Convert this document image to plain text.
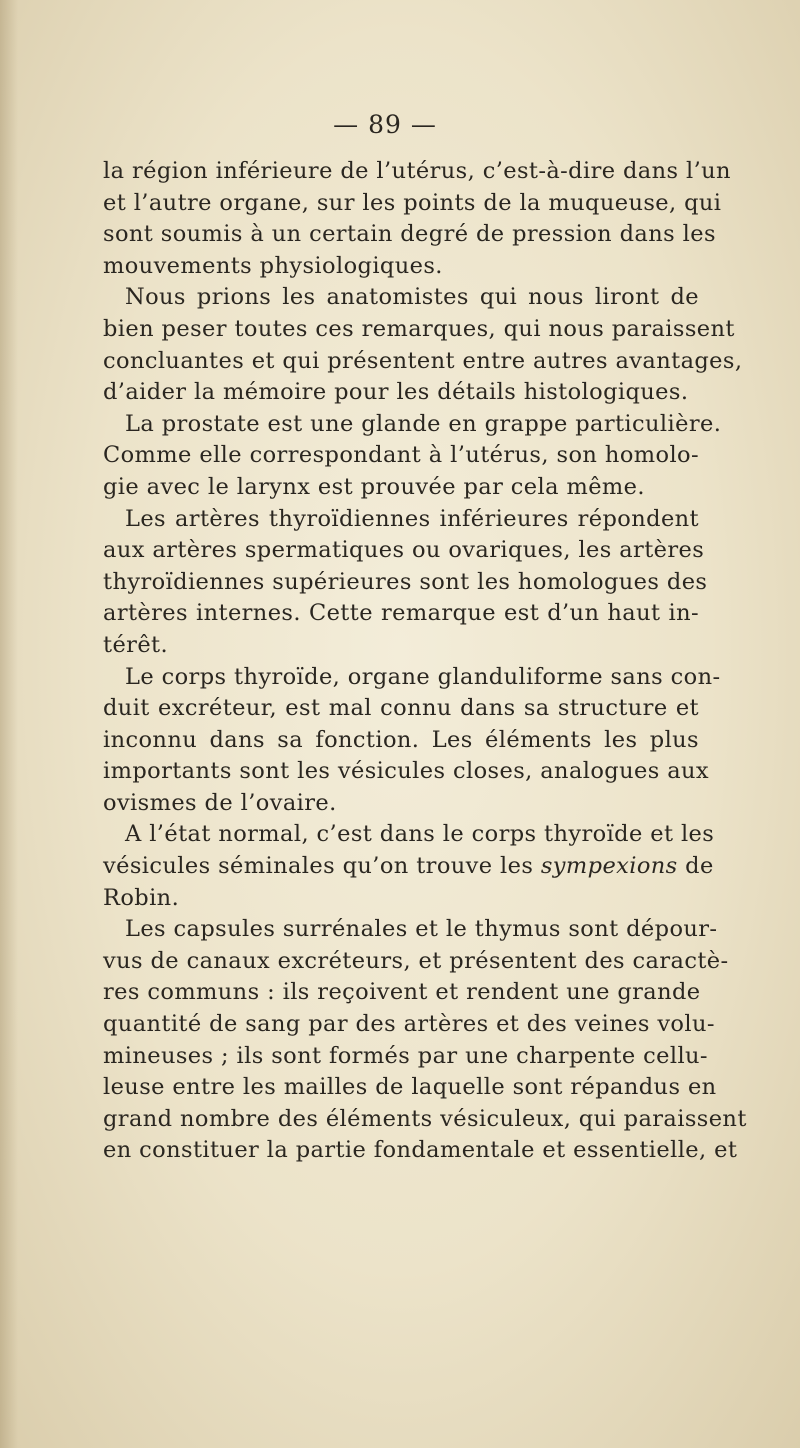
— 89 —
la région inférieure de l’utérus, c’est-à-dire dans l’un
et l’autre organe, sur les points de la muqueuse, qui
sont soumis à un certain degré de pression dans les
mouvements physiologiques.
Nous prions les anatomistes qui nous liront de
bien peser toutes ces remarques, qui nous paraissent
concluantes et qui présentent entre autres avantages,
d’aider la mémoire pour les détails histologiques.
La prostate est une glande en grappe particulière.
Comme elle correspondant à l’utérus, son homolo-
gie avec le larynx est prouvée par cela même.
Les artères thyroïdiennes inférieures répondent
aux artères spermatiques ou ovariques, les artères
thyroïdiennes supérieures sont les homologues des
artères internes. Cette remarque est d’un haut in-
térêt.
Le corps thyroïde, organe glanduliforme sans con-
duit excréteur, est mal connu dans sa structure et
inconnu dans sa fonction. Les éléments les plus
importants sont les vésicules closes, analogues aux
ovismes de l’ovaire.
A l’état normal, c’est dans le corps thyroïde et les
vésicules séminales qu’on trouve les sympexions de
Robin.
Les capsules surrénales et le thymus sont dépour-
vus de canaux excréteurs, et présentent des caractè-
res communs : ils reçoivent et rendent une grande
quantité de sang par des artères et des veines volu-
mineuses ; ils sont formés par une charpente cellu-
leuse entre les mailles de laquelle sont répandus en
grand nombre des éléments vésiculeux, qui paraissent
en constituer la partie fondamentale et essentielle, et
